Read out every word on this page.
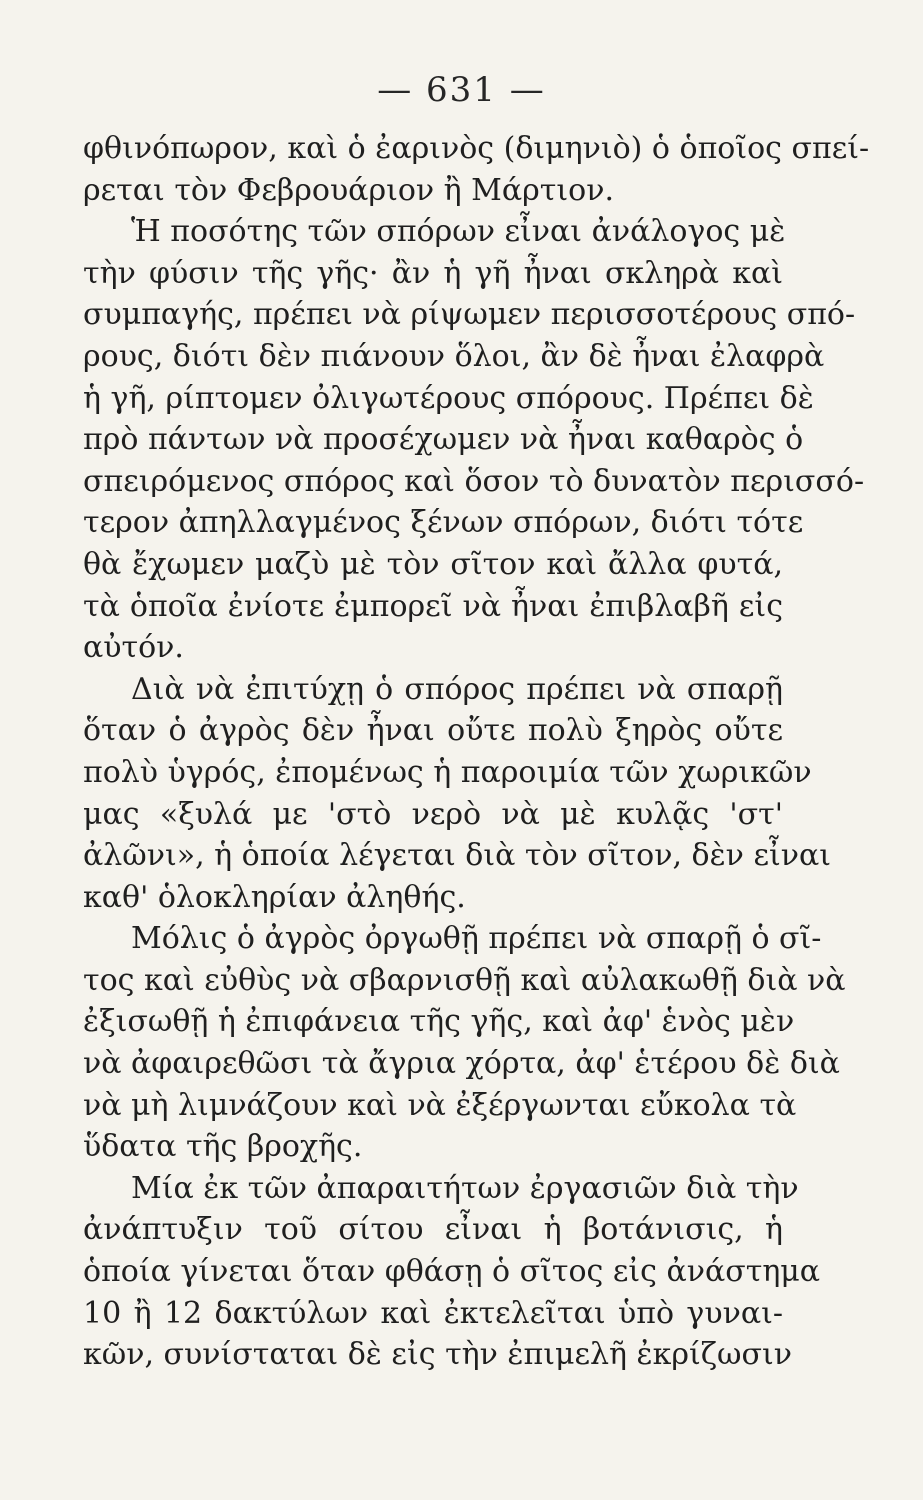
— 631 —
φθινόπωρον, καὶ ὁ ἐαρινὸς (διμηνιὸ) ὁ ὁποῖος σπεί-
ρεται τὸν Φεβρουάριον ἢ Μάρτιον.
Ἡ ποσότης τῶν σπόρων εἶναι ἀνάλογος μὲ
τὴν φύσιν τῆς γῆς· ἂν ἡ γῆ ἦναι σκληρὰ καὶ
συμπαγής, πρέπει νὰ ρίψωμεν περισσοτέρους σπό-
ρους, διότι δὲν πιάνουν ὅλοι, ἂν δὲ ἦναι ἐλαφρὰ
ἡ γῆ, ρίπτομεν ὀλιγωτέρους σπόρους. Πρέπει δὲ
πρὸ πάντων νὰ προσέχωμεν νὰ ἦναι καθαρὸς ὁ
σπειρόμενος σπόρος καὶ ὅσον τὸ δυνατὸν περισσό-
τερον ἀπηλλαγμένος ξένων σπόρων, διότι τότε
θὰ ἔχωμεν μαζὺ μὲ τὸν σῖτον καὶ ἄλλα φυτά,
τὰ ὁποῖα ἐνίοτε ἐμπορεῖ νὰ ἦναι ἐπιβλαβῆ εἰς
αὐτόν.
Διὰ νὰ ἐπιτύχῃ ὁ σπόρος πρέπει νὰ σπαρῇ
ὅταν ὁ ἀγρὸς δὲν ἦναι οὔτε πολὺ ξηρὸς οὔτε
πολὺ ὑγρός, ἐπομένως ἡ παροιμία τῶν χωρικῶν
μας «ξυλά με 'στὸ νερὸ νὰ μὲ κυλᾷς 'στ'
ἀλῶνι», ἡ ὁποία λέγεται διὰ τὸν σῖτον, δὲν εἶναι
καθ' ὁλοκληρίαν ἀληθής.
Μόλις ὁ ἀγρὸς ὀργωθῇ πρέπει νὰ σπαρῇ ὁ σῖ-
τος καὶ εὐθὺς νὰ σβαρνισθῇ καὶ αὐλακωθῇ διὰ νὰ
ἐξισωθῇ ἡ ἐπιφάνεια τῆς γῆς, καὶ ἀφ' ἑνὸς μὲν
νὰ ἀφαιρεθῶσι τὰ ἄγρια χόρτα, ἀφ' ἑτέρου δὲ διὰ
νὰ μὴ λιμνάζουν καὶ νὰ ἐξέργωνται εὔκολα τὰ
ὕδατα τῆς βροχῆς.
Μία ἐκ τῶν ἀπαραιτήτων ἐργασιῶν διὰ τὴν
ἀνάπτυξιν τοῦ σίτου εἶναι ἡ βοτάνισις, ἡ
ὁποία γίνεται ὅταν φθάσῃ ὁ σῖτος εἰς ἀνάστημα
10 ἢ 12 δακτύλων καὶ ἐκτελεῖται ὑπὸ γυναι-
κῶν, συνίσταται δὲ εἰς τὴν ἐπιμελῆ ἐκρίζωσιν
